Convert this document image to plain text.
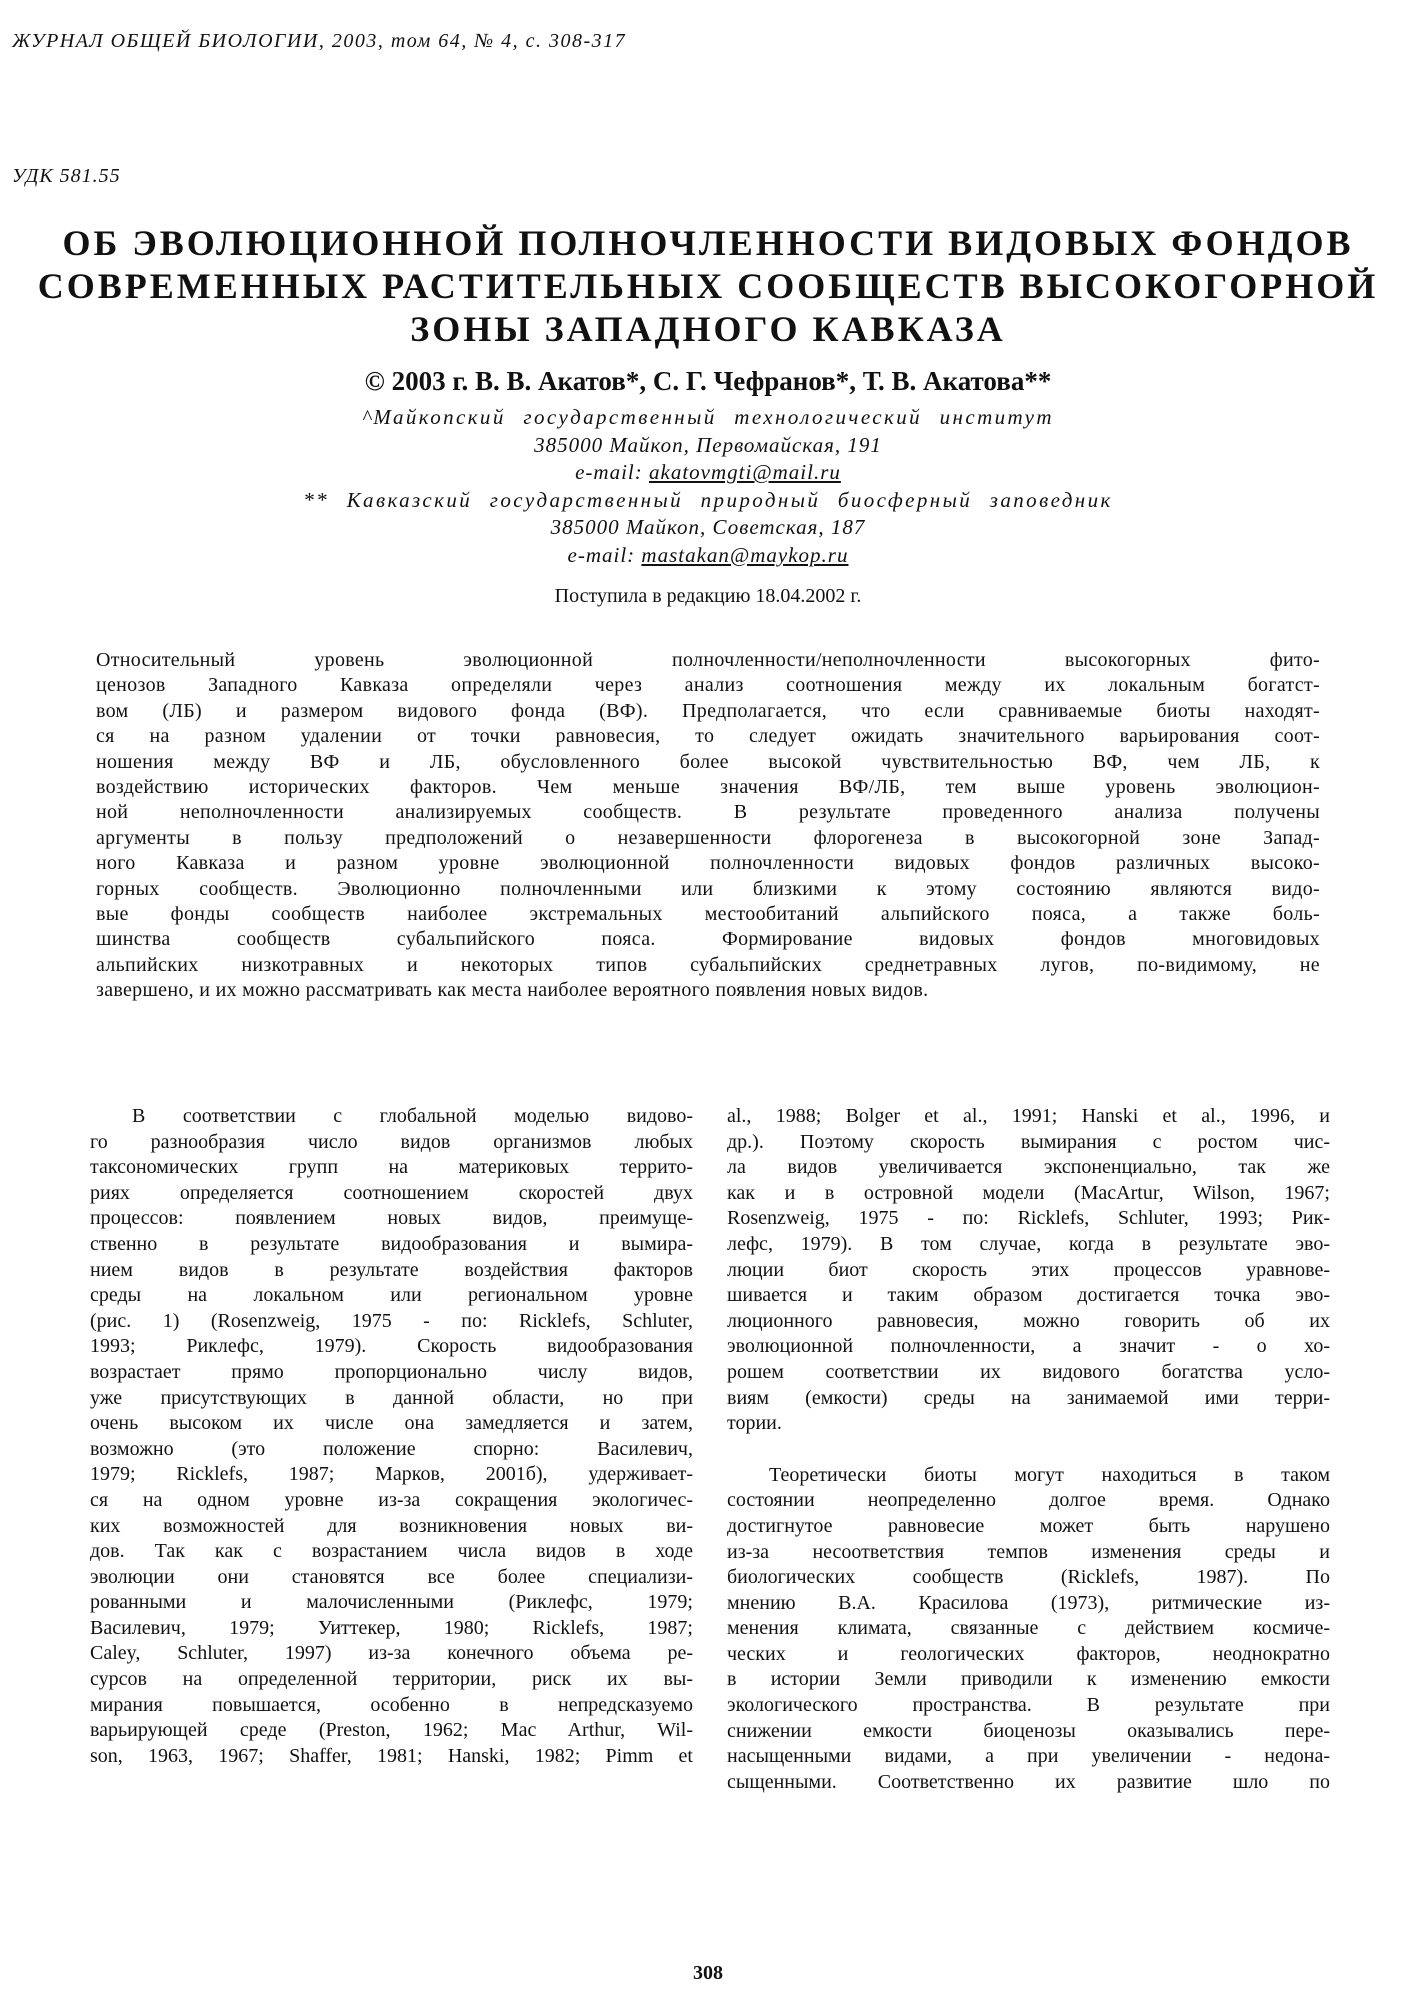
ЖУРНАЛ ОБЩЕЙ БИОЛОГИИ, 2003, том 64, № 4, с. 308-317
УДК 581.55
ОБ ЭВОЛЮЦИОННОЙ ПОЛНОЧЛЕННОСТИ ВИДОВЫХ ФОНДОВ
СОВРЕМЕННЫХ РАСТИТЕЛЬНЫХ СООБЩЕСТВ ВЫСОКОГОРНОЙ
ЗОНЫ ЗАПАДНОГО КАВКАЗА
© 2003 г. В. В. Акатов*, С. Г. Чефранов*, Т. В. Акатова**
^Майкопский государственный технологический институт
385000 Майкоп, Первомайская, 191
e-mail: akatovmgti@mail.ru
** Кавказский государственный природный биосферный заповедник
385000 Майкоп, Советская, 187
e-mail: mastakan@maykop.ru
Поступила в редакцию 18.04.2002 г.
Относительный уровень эволюционной полночленности/неполночленности высокогорных фито-
ценозов Западного Кавказа определяли через анализ соотношения между их локальным богатст-
вом (ЛБ) и размером видового фонда (ВФ). Предполагается, что если сравниваемые биоты находят-
ся на разном удалении от точки равновесия, то следует ожидать значительного варьирования соот-
ношения между ВФ и ЛБ, обусловленного более высокой чувствительностью ВФ, чем ЛБ, к
воздействию исторических факторов. Чем меньше значения ВФ/ЛБ, тем выше уровень эволюцион-
ной неполночленности анализируемых сообществ. В результате проведенного анализа получены
аргументы в пользу предположений о незавершенности флорогенеза в высокогорной зоне Запад-
ного Кавказа и разном уровне эволюционной полночленности видовых фондов различных высоко-
горных сообществ. Эволюционно полночленными или близкими к этому состоянию являются видо-
вые фонды сообществ наиболее экстремальных местообитаний альпийского пояса, а также боль-
шинства сообществ субальпийского пояса. Формирование видовых фондов многовидовых
альпийских низкотравных и некоторых типов субальпийских среднетравных лугов, по-видимому, не
завершено, и их можно рассматривать как места наиболее вероятного появления новых видов.
В соответствии с глобальной моделью видово-
го разнообразия число видов организмов любых
таксономических групп на материковых террито-
риях определяется соотношением скоростей двух
процессов: появлением новых видов, преимуще-
ственно в результате видообразования и вымира-
нием видов в результате воздействия факторов
среды на локальном или региональном уровне
(рис. 1) (Rosenzweig, 1975 - по: Ricklefs, Schluter,
1993; Риклефс, 1979). Скорость видообразования
возрастает прямо пропорционально числу видов,
уже присутствующих в данной области, но при
очень высоком их числе она замедляется и затем,
возможно (это положение спорно: Василевич,
1979; Ricklefs, 1987; Марков, 2001б), удерживает-
ся на одном уровне из-за сокращения экологичес-
ких возможностей для возникновения новых ви-
дов. Так как с возрастанием числа видов в ходе
эволюции они становятся все более специализи-
рованными и малочисленными (Риклефс, 1979;
Василевич, 1979; Уиттекер, 1980; Ricklefs, 1987;
Caley, Schluter, 1997) из-за конечного объема ре-
сурсов на определенной территории, риск их вы-
мирания повышается, особенно в непредсказуемо
варьирующей среде (Preston, 1962; Mac Arthur, Wil-
son, 1963, 1967; Shaffer, 1981; Hanski, 1982; Pimm et
al., 1988; Bolger et al., 1991; Hanski et al., 1996, и
др.). Поэтому скорость вымирания с ростом чис-
ла видов увеличивается экспоненциально, так же
как и в островной модели (MacArtur, Wilson, 1967;
Rosenzweig, 1975 - по: Ricklefs, Schluter, 1993; Рик-
лефс, 1979). В том случае, когда в результате эво-
люции биот скорость этих процессов уравнове-
шивается и таким образом достигается точка эво-
люционного равновесия, можно говорить об их
эволюционной полночленности, а значит - о хо-
рошем соответствии их видового богатства усло-
виям (емкости) среды на занимаемой ими терри-
тории.
Теоретически биоты могут находиться в таком
состоянии неопределенно долгое время. Однако
достигнутое равновесие может быть нарушено
из-за несоответствия темпов изменения среды и
биологических сообществ (Ricklefs, 1987). По
мнению В.А. Красилова (1973), ритмические из-
менения климата, связанные с действием космиче-
ческих и геологических факторов, неоднократно
в истории Земли приводили к изменению емкости
экологического пространства. В результате при
снижении емкости биоценозы оказывались пере-
насыщенными видами, а при увеличении - недона-
сыщенными. Соответственно их развитие шло по
308
